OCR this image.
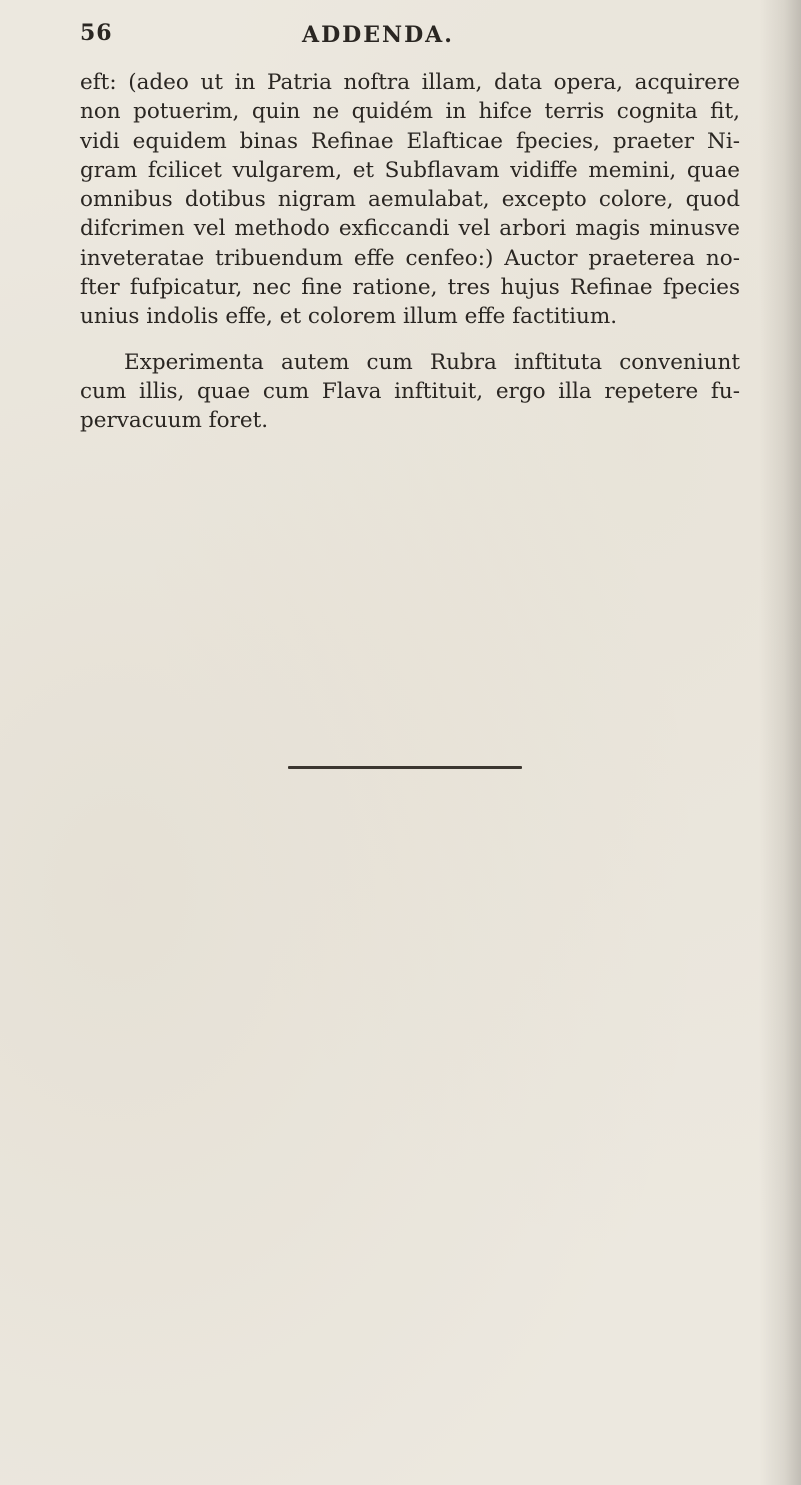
56	ADDENDA.

eft: (adeo ut in Patria noftra illam, data opera, acquirere
non potuerim, quin ne quidém in hifce terris cognita fit,
vidi equidem binas Refinae Elafticae fpecies, praeter Ni-
gram fcilicet vulgarem, et Subflavam vidiffe memini, quae
omnibus dotibus nigram aemulabat, excepto colore, quod
difcrimen vel methodo exficcandi vel arbori magis minusve
inveteratae tribuendum effe cenfeo:) Auctor praeterea no-
fter fufpicatur, nec fine ratione, tres hujus Refinae fpecies
unius indolis effe, et colorem illum effe factitium.

Experimenta autem cum Rubra inftituta conveniunt
cum illis, quae cum Flava inftituit, ergo illa repetere fu-
pervacuum foret.
